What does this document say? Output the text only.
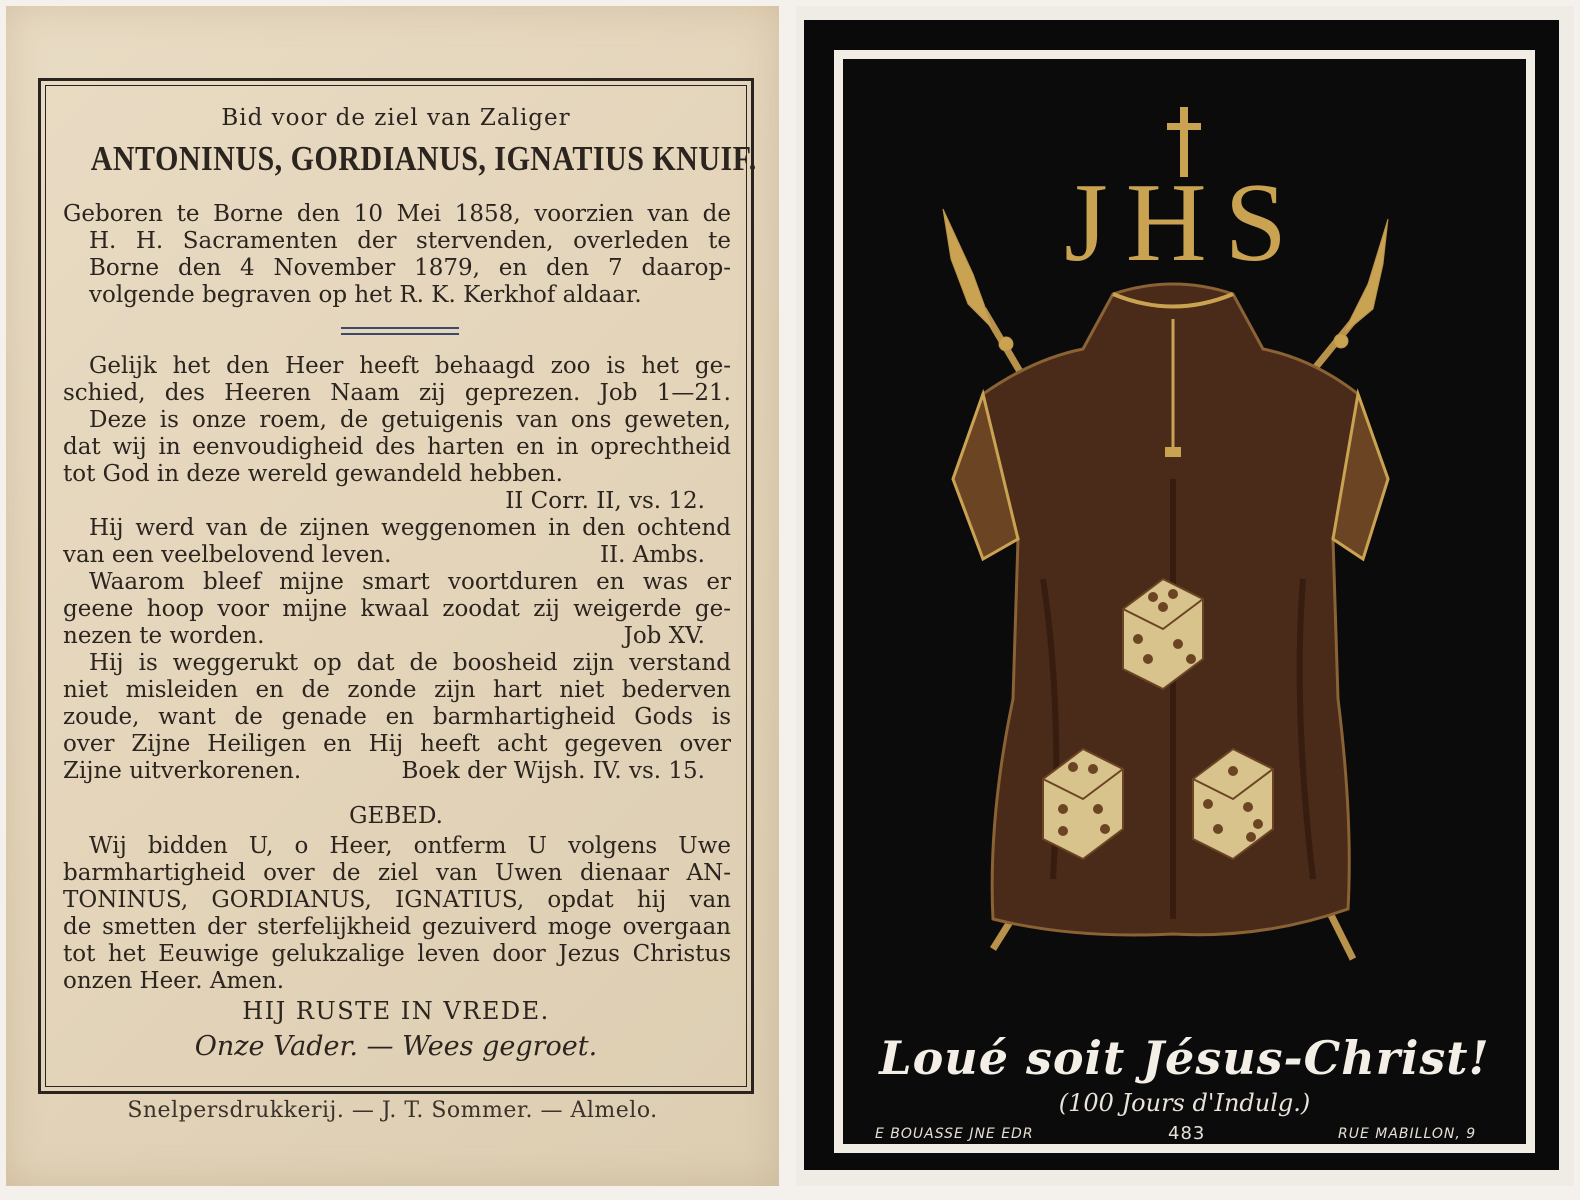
Bid voor de ziel van Zaliger
ANTONINUS, GORDIANUS, IGNATIUS KNUIF.
Geboren te Borne den 10 Mei 1858, voorzien van de
H. H. Sacramenten der stervenden, overleden te
Borne den 4 November 1879, en den 7 daarop-
volgende begraven op het R. K. Kerkhof aldaar.
Gelijk het den Heer heeft behaagd zoo is het ge-
schied, des Heeren Naam zij geprezen. Job 1—21.
Deze is onze roem, de getuigenis van ons geweten,
dat wij in eenvoudigheid des harten en in oprechtheid
tot God in deze wereld gewandeld hebben.
II Corr. II, vs. 12.
Hij werd van de zijnen weggenomen in den ochtend
van een veelbelovend leven.	II. Ambs.
Waarom bleef mijne smart voortduren en was er
geene hoop voor mijne kwaal zoodat zij weigerde ge-
nezen te worden.	Job XV.
Hij is weggerukt op dat de boosheid zijn verstand
niet misleiden en de zonde zijn hart niet bederven
zoude, want de genade en barmhartigheid Gods is
over Zijne Heiligen en Hij heeft acht gegeven over
Zijne uitverkorenen.	Boek der Wijsh. IV. vs. 15.
GEBED.
Wij bidden U, o Heer, ontferm U volgens Uwe
barmhartigheid over de ziel van Uwen dienaar AN-
TONINUS, GORDIANUS, IGNATIUS, opdat hij van
de smetten der sterfelijkheid gezuiverd moge overgaan
tot het Eeuwige gelukzalige leven door Jezus Christus
onzen Heer. Amen.
HIJ RUSTE IN VREDE.
Onze Vader. — Wees gegroet.
Snelpersdrukkerij. — J. T. Sommer. — Almelo.
JHS
Loué soit Jésus-Christ!
(100 Jours d'Indulg.)
E BOUASSE JNE EDR	483	RUE MABILLON, 9
